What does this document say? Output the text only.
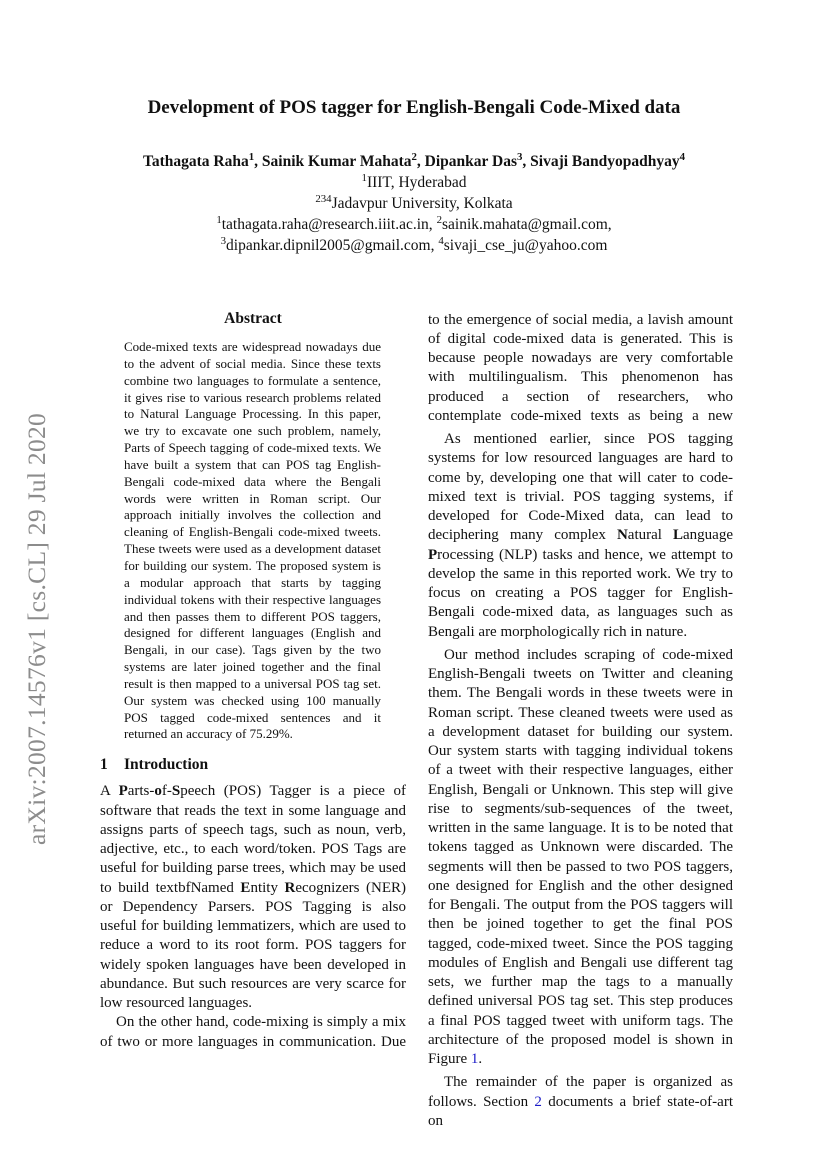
Development of POS tagger for English-Bengali Code-Mixed data
Tathagata Raha$^1$, Sainik Kumar Mahata$^2$, Dipankar Das$^3$, Sivaji Bandyopadhyay$^4$
$^1$IIIT, Hyderabad
$^{234}$Jadavpur University, Kolkata
$^1$tathagata.raha@research.iiit.ac.in, $^2$sainik.mahata@gmail.com,
$^3$dipankar.dipnil2005@gmail.com, $^4$sivaji_cse_ju@yahoo.com
arXiv:2007.14576v1 [cs.CL] 29 Jul 2020
Abstract

Code-mixed texts are widespread nowadays due to the advent of social media. Since these texts combine two languages to formulate a sentence, it gives rise to various research problems related to Natural Language Processing. In this paper, we try to excavate one such problem, namely, Parts of Speech tagging of code-mixed texts. We have built a system that can POS tag English-Bengali code-mixed data where the Bengali words were written in Roman script. Our approach initially involves the collection and cleaning of English-Bengali code-mixed tweets. These tweets were used as a development dataset for building our system. The proposed system is a modular approach that starts by tagging individual tokens with their respective languages and then passes them to different POS taggers, designed for different languages (English and Bengali, in our case). Tags given by the two systems are later joined together and the final result is then mapped to a universal POS tag set. Our system was checked using 100 manually POS tagged code-mixed sentences and it returned an accuracy of 75.29%.

1 Introduction

A Parts-of-Speech (POS) Tagger is a piece of software that reads the text in some language and assigns parts of speech tags, such as noun, verb, adjective, etc., to each word/token. POS Tags are useful for building parse trees, which may be used to build textbfNamed Entity Recognizers (NER) or Dependency Parsers. POS Tagging is also useful for building lemmatizers, which are used to reduce a word to its root form. POS taggers for widely spoken languages have been developed in abundance. But such resources are very scarce for low resourced languages.

On the other hand, code-mixing is simply a mix of two or more languages in communication. Due

to the emergence of social media, a lavish amount of digital code-mixed data is generated. This is because people nowadays are very comfortable with multilingualism. This phenomenon has produced a section of researchers, who contemplate code-mixed texts as being a new

As mentioned earlier, since POS tagging systems for low resourced languages are hard to come by, developing one that will cater to code-mixed text is trivial. POS tagging systems, if developed for Code-Mixed data, can lead to deciphering many complex Natural Language Processing (NLP) tasks and hence, we attempt to develop the same in this reported work. We try to focus on creating a POS tagger for English-Bengali code-mixed data, as languages such as Bengali are morphologically rich in nature.

Our method includes scraping of code-mixed English-Bengali tweets on Twitter and cleaning them. The Bengali words in these tweets were in Roman script. These cleaned tweets were used as a development dataset for building our system. Our system starts with tagging individual tokens of a tweet with their respective languages, either English, Bengali or Unknown. This step will give rise to segments/sub-sequences of the tweet, written in the same language. It is to be noted that tokens tagged as Unknown were discarded. The segments will then be passed to two POS taggers, one designed for English and the other designed for Bengali. The output from the POS taggers will then be joined together to get the final POS tagged, code-mixed tweet. Since the POS tagging modules of English and Bengali use different tag sets, we further map the tags to a manually defined universal POS tag set. This step produces a final POS tagged tweet with uniform tags. The architecture of the proposed model is shown in Figure 1.

The remainder of the paper is organized as follows. Section 2 documents a brief state-of-art on
